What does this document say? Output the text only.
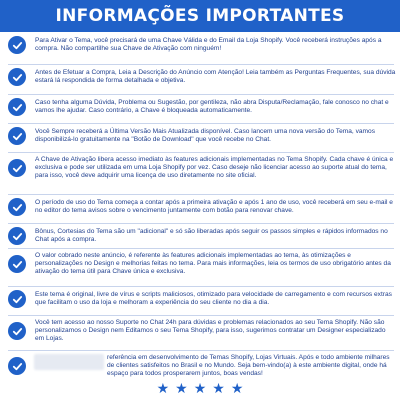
INFORMAÇÕES IMPORTANTES

Para Ativar o Tema, você precisará de uma Chave Válida e do Email da Loja Shopify. Você receberá instruções após a compra. Não compartilhe sua Chave de Ativação com ninguém!

Antes de Efetuar a Compra, Leia a Descrição do Anúncio com Atenção! Leia também as Perguntas Frequentes, sua dúvida estará lá respondida de forma detalhada e objetiva.

Caso tenha alguma Dúvida, Problema ou Sugestão, por gentileza, não abra Disputa/Reclamação, fale conosco no chat e vamos lhe ajudar. Caso contrário, a Chave é bloqueada automaticamente.

Você Sempre receberá a Última Versão Mais Atualizada disponível. Caso lancem uma nova versão do Tema, vamos disponibilizá-lo gratuitamente na "Botão de Download" que você recebe no Chat.

A Chave de Ativação libera acesso imediato às features adicionais implementadas no Tema Shopify. Cada chave é única e exclusiva e pode ser utilizada em uma Loja Shopify por vez. Caso deseje não licenciar acesso ao suporte atual do tema, para isso, você deve adquirir uma licença de uso diretamente no site oficial.

O período de uso do Tema começa a contar após a primeira ativação e após 1 ano de uso, você receberá em seu e-mail e no editor do tema avisos sobre o vencimento juntamente com botão para renovar chave.

Bônus, Cortesias do Tema são um "adicional" e só são liberadas após seguir os passos simples e rápidos informados no Chat após a compra.

O valor cobrado neste anúncio, é referente às features adicionais implementadas ao tema, às otimizações e personalizações no Design e melhorias feitas no tema. Para mais informações, leia os termos de uso obrigatório antes da ativação do tema útil para Chave única e exclusiva.

Este tema é original, livre de vírus e scripts maliciosos, otimizado para velocidade de carregamento e com recursos extras que facilitam o uso da loja e melhoram a experiência do seu cliente no dia a dia.

Você tem acesso ao nosso Suporte no Chat 24h para dúvidas e problemas relacionados ao seu Tema Shopify. Não são personalizamos o Design nem Editamos o seu Tema Shopify, para isso, sugerimos contratar um Designer especializado em Lojas.

referência em desenvolvimento de Temas Shopify, Lojas Virtuais. Após e todo ambiente milhares de clientes satisfeitos no Brasil e no Mundo. Seja bem-vindo(a) à este ambiente digital, onde há espaço para todos prosperarem juntos, boas vendas!

★ ★ ★ ★ ★
